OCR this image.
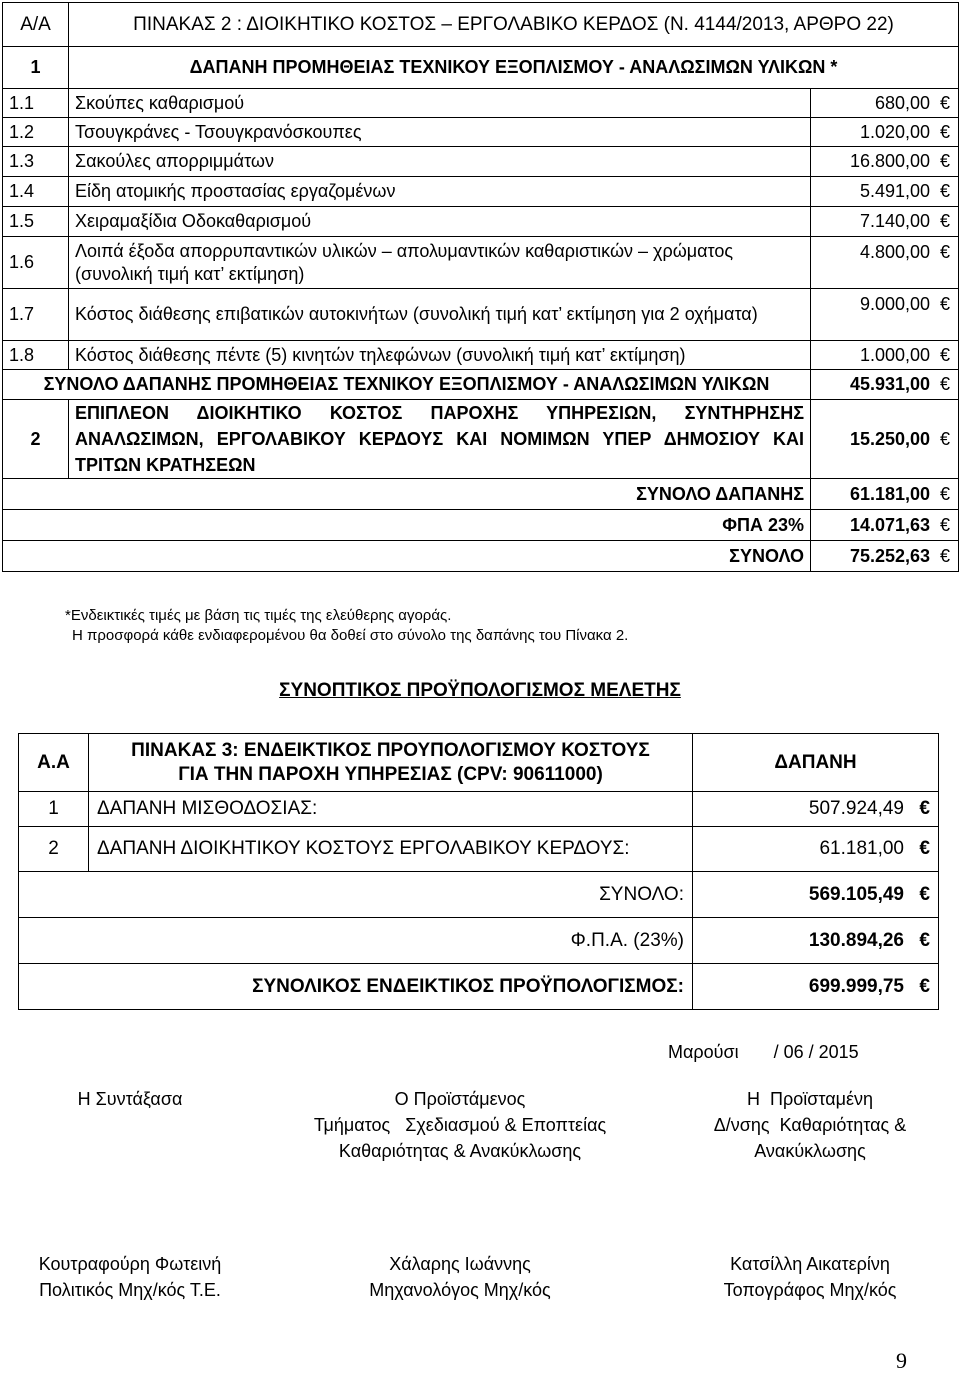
Α/Α	ΠΙΝΑΚΑΣ 2 : ΔΙΟΙΚΗΤΙΚΟ ΚΟΣΤΟΣ – ΕΡΓΟΛΑΒΙΚΟ ΚΕΡΔΟΣ (Ν. 4144/2013, ΑΡΘΡΟ 22)	
1	ΔΑΠΑΝΗ ΠΡΟΜΗΘΕΙΑΣ ΤΕΧΝΙΚΟΥ ΕΞΟΠΛΙΣΜΟΥ - ΑΝΑΛΩΣΙΜΩΝ ΥΛΙΚΩΝ *	
1.1	Σκούπες καθαρισμού	680,00 €

1.2	Τσουγκράνες - Τσουγκρανόσκουπες	1.020,00 €

1.3	Σακούλες απορριμμάτων	16.800,00 €

1.4	Είδη ατομικής προστασίας εργαζομένων	5.491,00 €

1.5	Χειραμαξίδια Οδοκαθαρισμού	7.140,00 €

1.6	Λοιπά έξοδα απορρυπαντικών υλικών – απολυμαντικών καθαριστικών – χρώματος (συνολική τιμή κατ’ εκτίμηση)	4.800,00 €

1.7	Κόστος διάθεσης επιβατικών αυτοκινήτων (συνολική τιμή κατ’ εκτίμηση για 2 οχήματα)	9.000,00 €

1.8	Κόστος διάθεσης πέντε (5) κινητών τηλεφώνων (συνολική τιμή κατ’ εκτίμηση)	1.000,00 €

ΣΥΝΟΛΟ ΔΑΠΑΝΗΣ ΠΡΟΜΗΘΕΙΑΣ ΤΕΧΝΙΚΟΥ ΕΞΟΠΛΙΣΜΟΥ - ΑΝΑΛΩΣΙΜΩΝ ΥΛΙΚΩΝ		45.931,00 €

2	ΕΠΙΠΛΕΟΝ ΔΙΟΙΚΗΤΙΚΟ ΚΟΣΤΟΣ ΠΑΡΟΧΗΣ ΥΠΗΡΕΣΙΩΝ, ΣΥΝΤΗΡΗΣΗΣ ΑΝΑΛΩΣΙΜΩΝ, ΕΡΓΟΛΑΒΙΚΟΥ ΚΕΡΔΟΥΣ ΚΑΙ ΝΟΜΙΜΩΝ ΥΠΕΡ ΔΗΜΟΣΙΟΥ ΚΑΙ ΤΡΙΤΩΝ ΚΡΑΤΗΣΕΩΝ	15.250,00 €

ΣΥΝΟΛΟ ΔΑΠΑΝΗΣ		61.181,00 €

ΦΠΑ 23%		14.071,63 €

ΣΥΝΟΛΟ		75.252,63 €
*Ενδεικτικές τιμές με βάση τις τιμές της ελεύθερης αγοράς.
Η προσφορά κάθε ενδιαφερομένου θα δοθεί στο σύνολο της δαπάνης του Πίνακα 2.
ΣΥΝΟΠΤΙΚΟΣ ΠΡΟΫΠΟΛΟΓΙΣΜΟΣ ΜΕΛΕΤΗΣ
Α.Α	ΠΙΝΑΚΑΣ 3: ΕΝΔΕΙΚΤΙΚΟΣ ΠΡΟΥΠΟΛΟΓΙΣΜΟΥ ΚΟΣΤΟΥΣ ΓΙΑ ΤΗΝ ΠΑΡΟΧΗ ΥΠΗΡΕΣΙΑΣ (CPV: 90611000)	ΔΑΠΑΝΗ
1	ΔΑΠΑΝΗ ΜΙΣΘΟΔΟΣΙΑΣ:	507.924,49 €

2	ΔΑΠΑΝΗ ΔΙΟΙΚΗΤΙΚΟΥ ΚΟΣΤΟΥΣ ΕΡΓΟΛΑΒΙΚΟΥ ΚΕΡΔΟΥΣ:	61.181,00 €

ΣΥΝΟΛΟ:		569.105,49 €

Φ.Π.Α. (23%)		130.894,26 €

ΣΥΝΟΛΙΚΟΣ ΕΝΔΕΙΚΤΙΚΟΣ ΠΡΟΫΠΟΛΟΓΙΣΜΟΣ:		699.999,75 €
Μαρούσι       / 06 / 2015
Η Συντάξασα	Ο Προϊστάμενος
Τμήματος   Σχεδιασμού & Εποπτείας
Καθαριότητας & Ανακύκλωσης
Η  Προϊσταμένη
Δ/νσης  Καθαριότητας &
Ανακύκλωσης
Κουτραφούρη Φωτεινή
Πολιτικός Μηχ/κός Τ.Ε.
Χάλαρης Ιωάννης
Μηχανολόγος Μηχ/κός
Κατσίλλη Αικατερίνη
Τοπογράφος Μηχ/κός
9
